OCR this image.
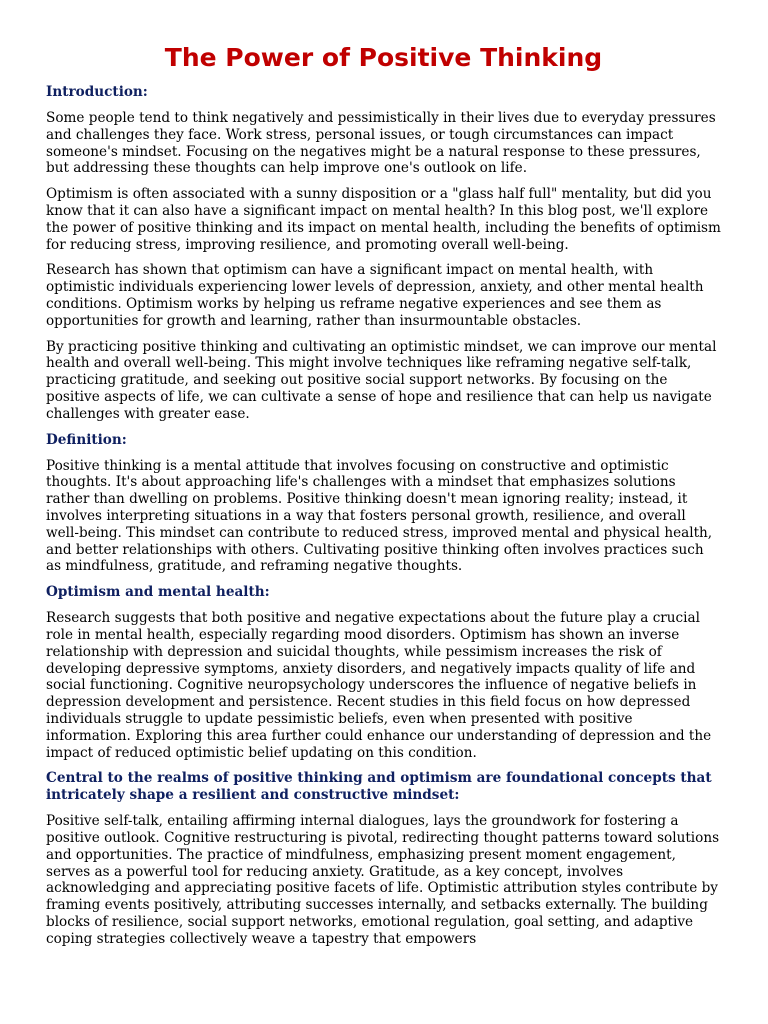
The Power of Positive Thinking
Introduction:

Some people tend to think negatively and pessimistically in their lives due to everyday pressures and challenges they face. Work stress, personal issues, or tough circumstances can impact someone's mindset. Focusing on the negatives might be a natural response to these pressures, but addressing these thoughts can help improve one's outlook on life.

Optimism is often associated with a sunny disposition or a "glass half full" mentality, but did you know that it can also have a significant impact on mental health? In this blog post, we'll explore the power of positive thinking and its impact on mental health, including the benefits of optimism for reducing stress, improving resilience, and promoting overall well-being.

Research has shown that optimism can have a significant impact on mental health, with optimistic individuals experiencing lower levels of depression, anxiety, and other mental health conditions. Optimism works by helping us reframe negative experiences and see them as opportunities for growth and learning, rather than insurmountable obstacles.

By practicing positive thinking and cultivating an optimistic mindset, we can improve our mental health and overall well-being. This might involve techniques like reframing negative self-talk, practicing gratitude, and seeking out positive social support networks. By focusing on the positive aspects of life, we can cultivate a sense of hope and resilience that can help us navigate challenges with greater ease.

Definition:

Positive thinking is a mental attitude that involves focusing on constructive and optimistic thoughts. It's about approaching life's challenges with a mindset that emphasizes solutions rather than dwelling on problems. Positive thinking doesn't mean ignoring reality; instead, it involves interpreting situations in a way that fosters personal growth, resilience, and overall well-being. This mindset can contribute to reduced stress, improved mental and physical health, and better relationships with others. Cultivating positive thinking often involves practices such as mindfulness, gratitude, and reframing negative thoughts.

Optimism and mental health:

Research suggests that both positive and negative expectations about the future play a crucial role in mental health, especially regarding mood disorders. Optimism has shown an inverse relationship with depression and suicidal thoughts, while pessimism increases the risk of developing depressive symptoms, anxiety disorders, and negatively impacts quality of life and social functioning. Cognitive neuropsychology underscores the influence of negative beliefs in depression development and persistence. Recent studies in this field focus on how depressed individuals struggle to update pessimistic beliefs, even when presented with positive information. Exploring this area further could enhance our understanding of depression and the impact of reduced optimistic belief updating on this condition.

Central to the realms of positive thinking and optimism are foundational concepts that intricately shape a resilient and constructive mindset:

Positive self-talk, entailing affirming internal dialogues, lays the groundwork for fostering a positive outlook. Cognitive restructuring is pivotal, redirecting thought patterns toward solutions and opportunities. The practice of mindfulness, emphasizing present moment engagement, serves as a powerful tool for reducing anxiety. Gratitude, as a key concept, involves acknowledging and appreciating positive facets of life. Optimistic attribution styles contribute by framing events positively, attributing successes internally, and setbacks externally. The building blocks of resilience, social support networks, emotional regulation, goal setting, and adaptive coping strategies collectively weave a tapestry that empowers
